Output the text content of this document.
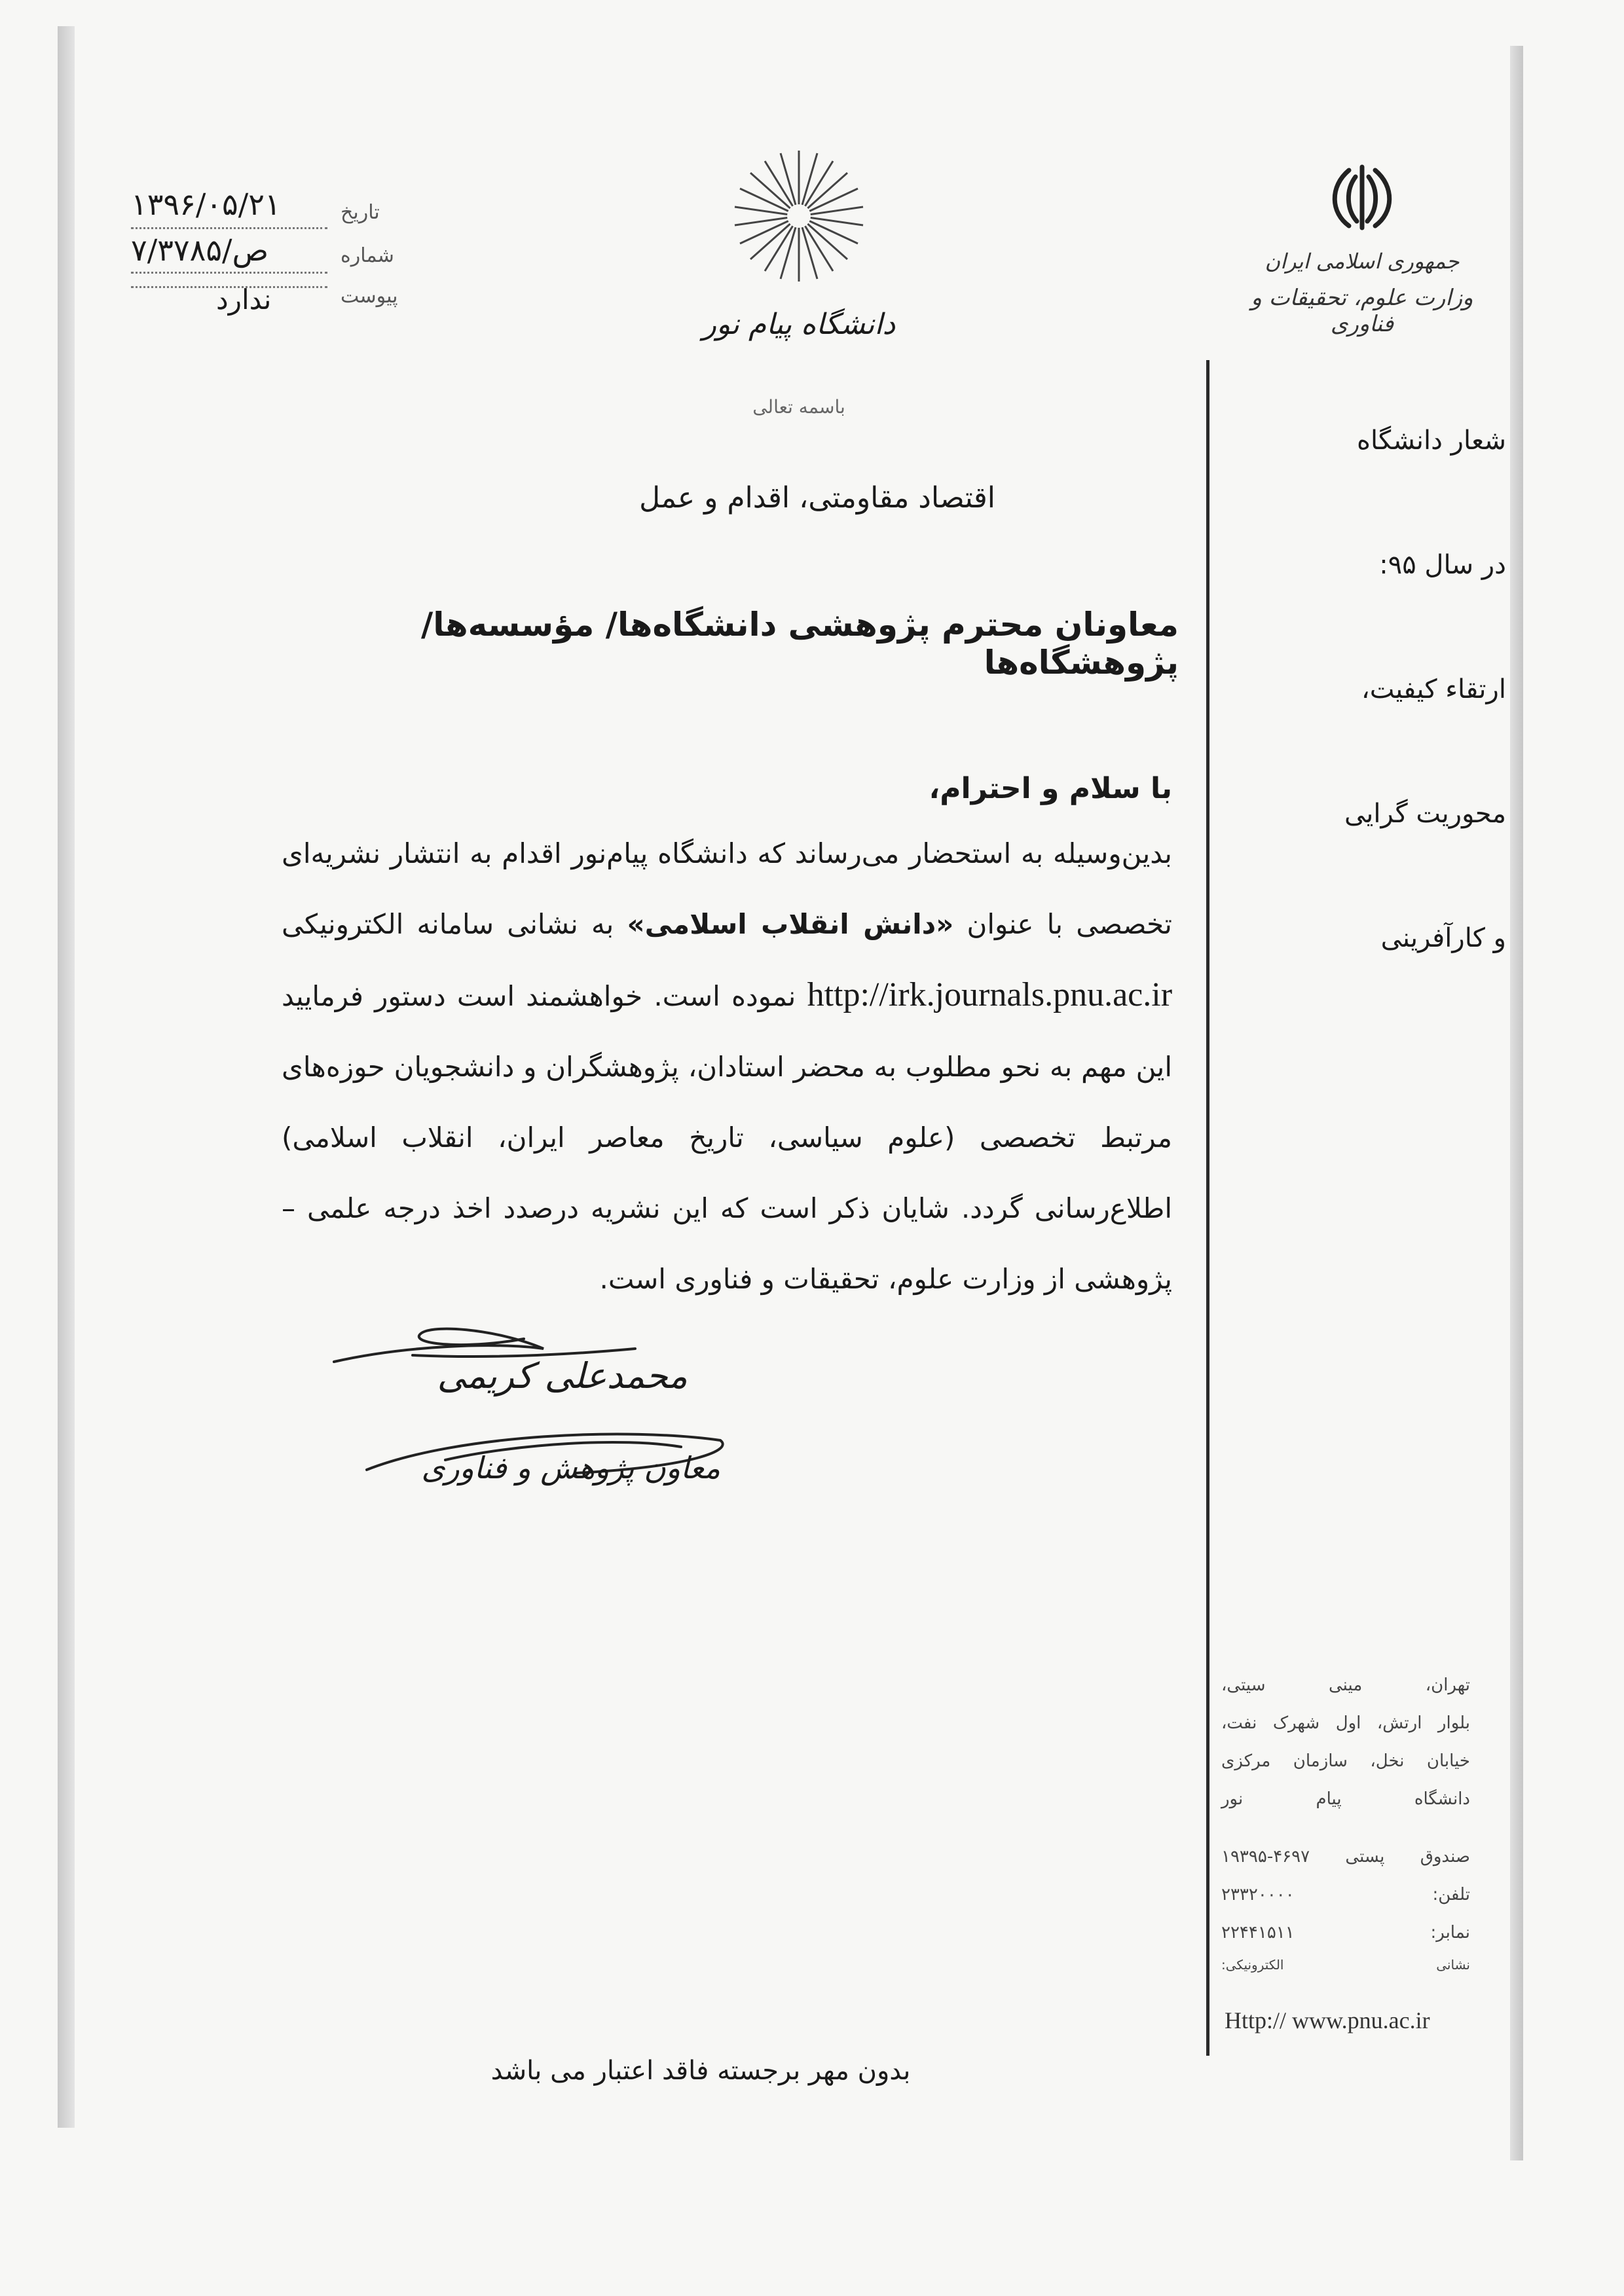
تاریخ
۱۳۹۶/۰۵/۲۱
شماره
۷/۳۷۸۵/ص
پیوست
ندارد
دانشگاه پیام نور
باسمه تعالی
جمهوری اسلامی ایران
وزارت علوم، تحقیقات و فناوری
اقتصاد مقاومتی، اقدام و عمل
معاونان محترم پژوهشی دانشگاه‌ها/ مؤسسه‌ها/ پژوهشگاه‌ها
با سلام و احترام،
بدین‌وسیله به استحضار می‌رساند که دانشگاه پیام‌نور اقدام به انتشار نشریه‌ای تخصصی با عنوان «دانش انقلاب اسلامی» به نشانی سامانه الکترونیکی http://irk.journals.pnu.ac.ir نموده است. خواهشمند است دستور فرمایید این مهم به نحو مطلوب به محضر استادان، پژوهشگران و دانشجویان حوزه‌های مرتبط تخصصی (علوم سیاسی، تاریخ معاصر ایران، انقلاب اسلامی) اطلاع‌رسانی گردد. شایان ذکر است که این نشریه درصدد اخذ درجه علمی – پژوهشی از وزارت علوم، تحقیقات و فناوری است.
محمدعلی کریمی
معاون پژوهش و فناوری
شعار دانشگاه
در سال ۹۵:
ارتقاء کیفیت،
محوریت گرایی
و کارآفرینی
تهران، مینی سیتی،
بلوار ارتش، اول شهرک نفت،
خیابان نخل، سازمان مرکزی
دانشگاه پیام نور
صندوق پستی ۴۶۹۷-۱۹۳۹۵
تلفن: ۲۳۳۲۰۰۰۰
نمابر: ۲۲۴۴۱۵۱۱
نشانی الکترونیکی:
Http:// www.pnu.ac.ir
بدون مهر برجسته فاقد اعتبار می باشد
